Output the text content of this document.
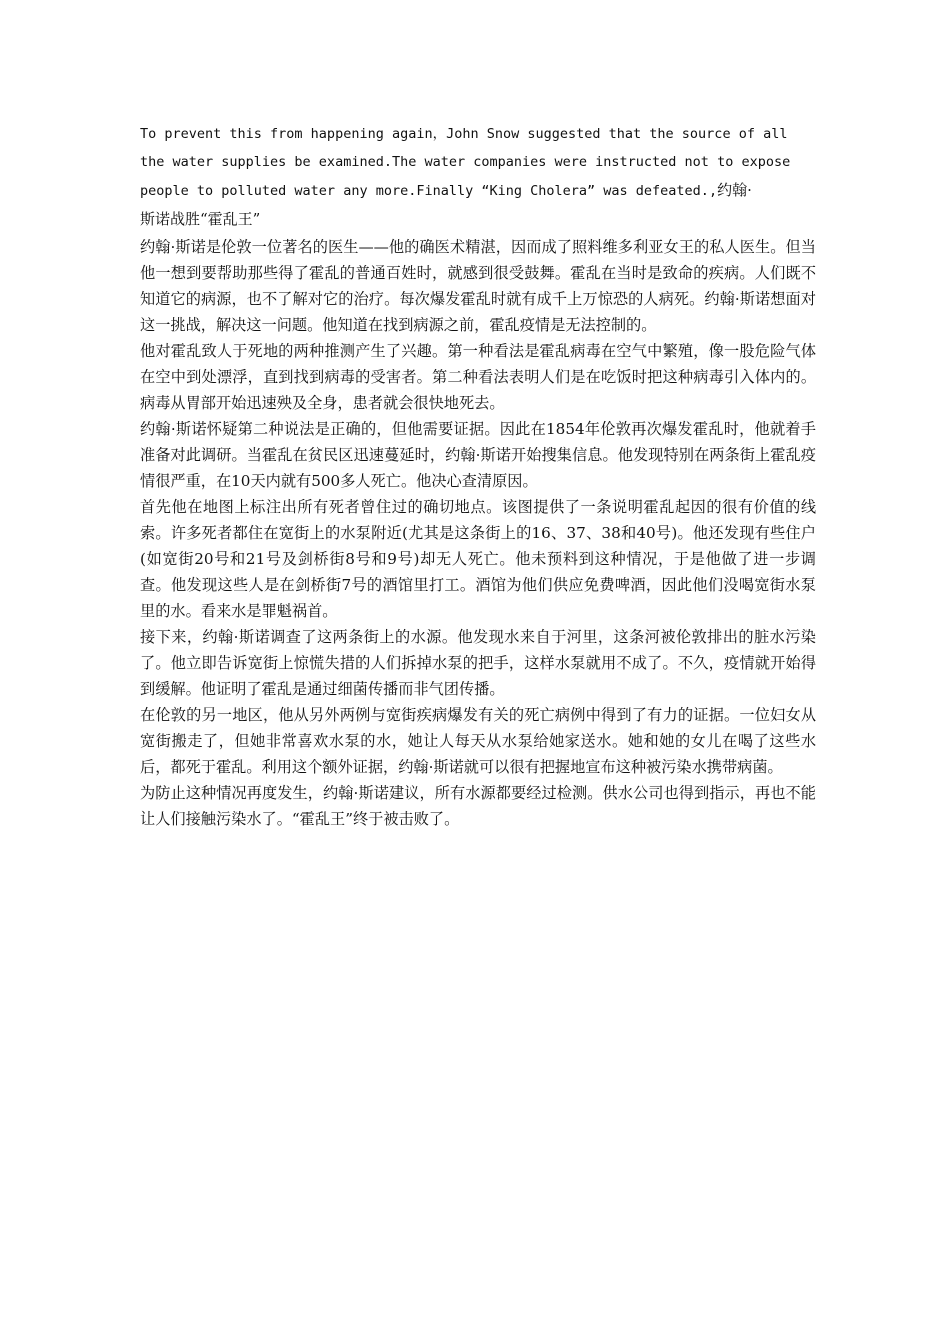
To prevent this from happening again，John Snow suggested that the source of all the water supplies be examined.The water companies were instructed not to expose people to polluted water any more.Finally “King Cholera” was defeated.,约翰·
斯诺战胜“霍乱王”

约翰·斯诺是伦敦一位著名的医生——他的确医术精湛，因而成了照料维多利亚女王的私人医生。但当他一想到要帮助那些得了霍乱的普通百姓时，就感到很受鼓舞。霍乱在当时是致命的疾病。人们既不知道它的病源，也不了解对它的治疗。每次爆发霍乱时就有成千上万惊恐的人病死。约翰·斯诺想面对这一挑战，解决这一问题。他知道在找到病源之前，霍乱疫情是无法控制的。

他对霍乱致人于死地的两种推测产生了兴趣。第一种看法是霍乱病毒在空气中繁殖，像一股危险气体在空中到处漂浮，直到找到病毒的受害者。第二种看法表明人们是在吃饭时把这种病毒引入体内的。病毒从胃部开始迅速殃及全身，患者就会很快地死去。

约翰·斯诺怀疑第二种说法是正确的，但他需要证据。因此在1854年伦敦再次爆发霍乱时，他就着手准备对此调研。当霍乱在贫民区迅速蔓延时，约翰·斯诺开始搜集信息。他发现特别在两条街上霍乱疫情很严重，在10天内就有500多人死亡。他决心查清原因。

首先他在地图上标注出所有死者曾住过的确切地点。该图提供了一条说明霍乱起因的很有价值的线索。许多死者都住在宽街上的水泵附近(尤其是这条街上的16、37、38和40号)。他还发现有些住户(如宽街20号和21号及剑桥街8号和9号)却无人死亡。他未预料到这种情况，于是他做了进一步调查。他发现这些人是在剑桥街7号的酒馆里打工。酒馆为他们供应免费啤酒，因此他们没喝宽街水泵里的水。看来水是罪魁祸首。

接下来，约翰·斯诺调查了这两条街上的水源。他发现水来自于河里，这条河被伦敦排出的脏水污染了。他立即告诉宽街上惊慌失措的人们拆掉水泵的把手，这样水泵就用不成了。不久，疫情就开始得到缓解。他证明了霍乱是通过细菌传播而非气团传播。

在伦敦的另一地区，他从另外两例与宽街疾病爆发有关的死亡病例中得到了有力的证据。一位妇女从宽街搬走了，但她非常喜欢水泵的水，她让人每天从水泵给她家送水。她和她的女儿在喝了这些水后，都死于霍乱。利用这个额外证据，约翰·斯诺就可以很有把握地宣布这种被污染水携带病菌。

为防止这种情况再度发生，约翰·斯诺建议，所有水源都要经过检测。供水公司也得到指示，再也不能让人们接触污染水了。“霍乱王”终于被击败了。
